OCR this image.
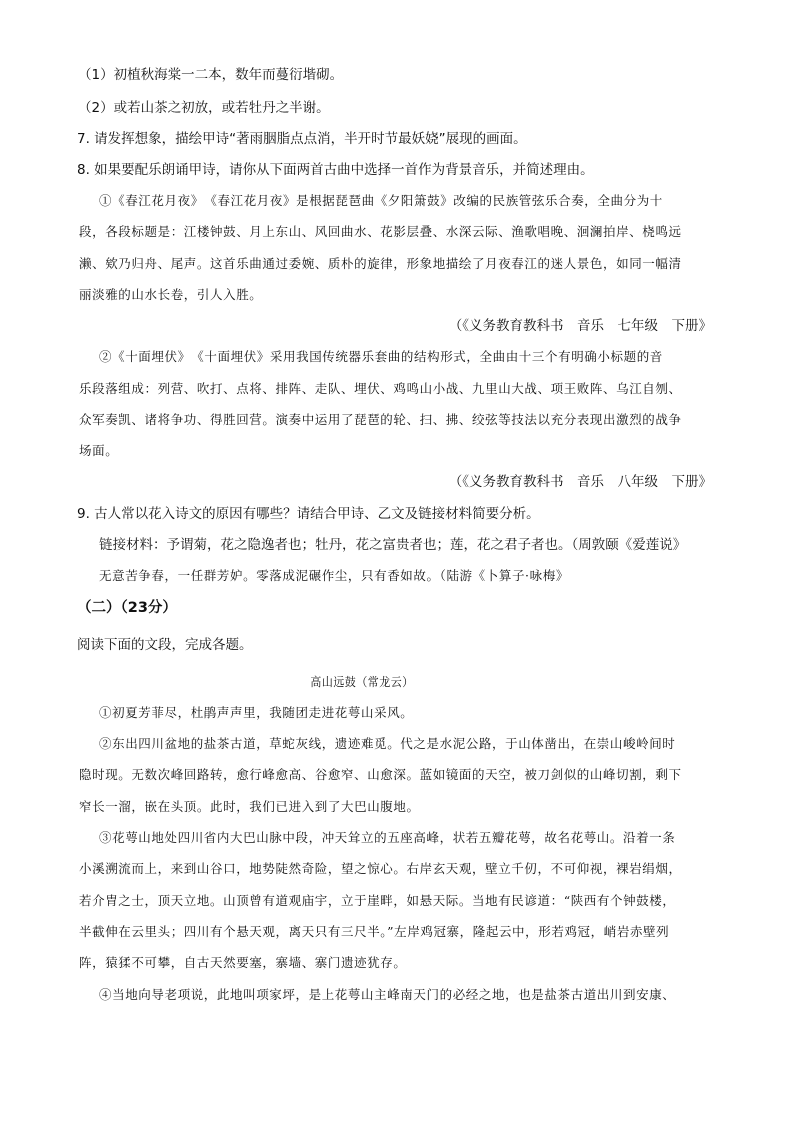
（1）初植秋海棠一二本，数年而蔓衍堦砌。
（2）或若山茶之初放，或若牡丹之半谢。
7. 请发挥想象，描绘甲诗“著雨胭脂点点消，半开时节最妖娆”展现的画面。
8. 如果要配乐朗诵甲诗，请你从下面两首古曲中选择一首作为背景音乐，并简述理由。
①《春江花月夜》　《春江花月夜》是根据琵琶曲《夕阳箫鼓》改编的民族管弦乐合奏，全曲分为十
段，各段标题是：江楼钟鼓、月上东山、风回曲水、花影层叠、水深云际、渔歌唱晚、洄澜拍岸、桡鸣远
濑、欸乃归舟、尾声。这首乐曲通过委婉、质朴的旋律，形象地描绘了月夜春江的迷人景色，如同一幅清
丽淡雅的山水长卷，引人入胜。
（《义务教育教科书　音乐　七年级　下册》
②《十面埋伏》　《十面埋伏》采用我国传统器乐套曲的结构形式，全曲由十三个有明确小标题的音
乐段落组成：列营、吹打、点将、排阵、走队、埋伏、鸡鸣山小战、九里山大战、项王败阵、乌江自刎、
众军奏凯、诸将争功、得胜回营。演奏中运用了琵琶的轮、扫、拂、绞弦等技法以充分表现出激烈的战争
场面。
（《义务教育教科书　音乐　八年级　下册》
9. 古人常以花入诗文的原因有哪些？请结合甲诗、乙文及链接材料简要分析。
链接材料：予谓菊，花之隐逸者也；牡丹，花之富贵者也；莲，花之君子者也。（周敦颐《爱莲说》
无意苦争春，一任群芳妒。零落成泥碾作尘，只有香如故。（陆游《卜算子·咏梅》
（二）（23分）
阅读下面的文段，完成各题。
高山远鼓（常龙云）
①初夏芳菲尽，杜鹃声声里，我随团走进花萼山采风。
②东出四川盆地的盐茶古道，草蛇灰线，遗迹难觅。代之是水泥公路，于山体凿出，在崇山峻岭间时
隐时现。无数次峰回路转，愈行峰愈高、谷愈窄、山愈深。蓝如镜面的天空，被刀剑似的山峰切割，剩下
窄长一溜，嵌在头顶。此时，我们已进入到了大巴山腹地。
③花萼山地处四川省内大巴山脉中段，冲天耸立的五座高峰，状若五瓣花萼，故名花萼山。沿着一条
小溪溯流而上，来到山谷口，地势陡然奇险，望之惊心。右岸玄天观，壁立千仞，不可仰视，裸岩绢烟，
若介胄之士，顶天立地。山顶曾有道观庙宇，立于崖畔，如悬天际。当地有民谚道：“陕西有个钟鼓楼，
半截伸在云里头；四川有个悬天观，离天只有三尺半。”左岸鸡冠寨，隆起云中，形若鸡冠，峭岩赤壁列
阵，猿猱不可攀，自古天然要塞，寨墙、寨门遗迹犹存。
④当地向导老项说，此地叫项家坪，是上花萼山主峰南天门的必经之地，也是盐茶古道出川到安康、
